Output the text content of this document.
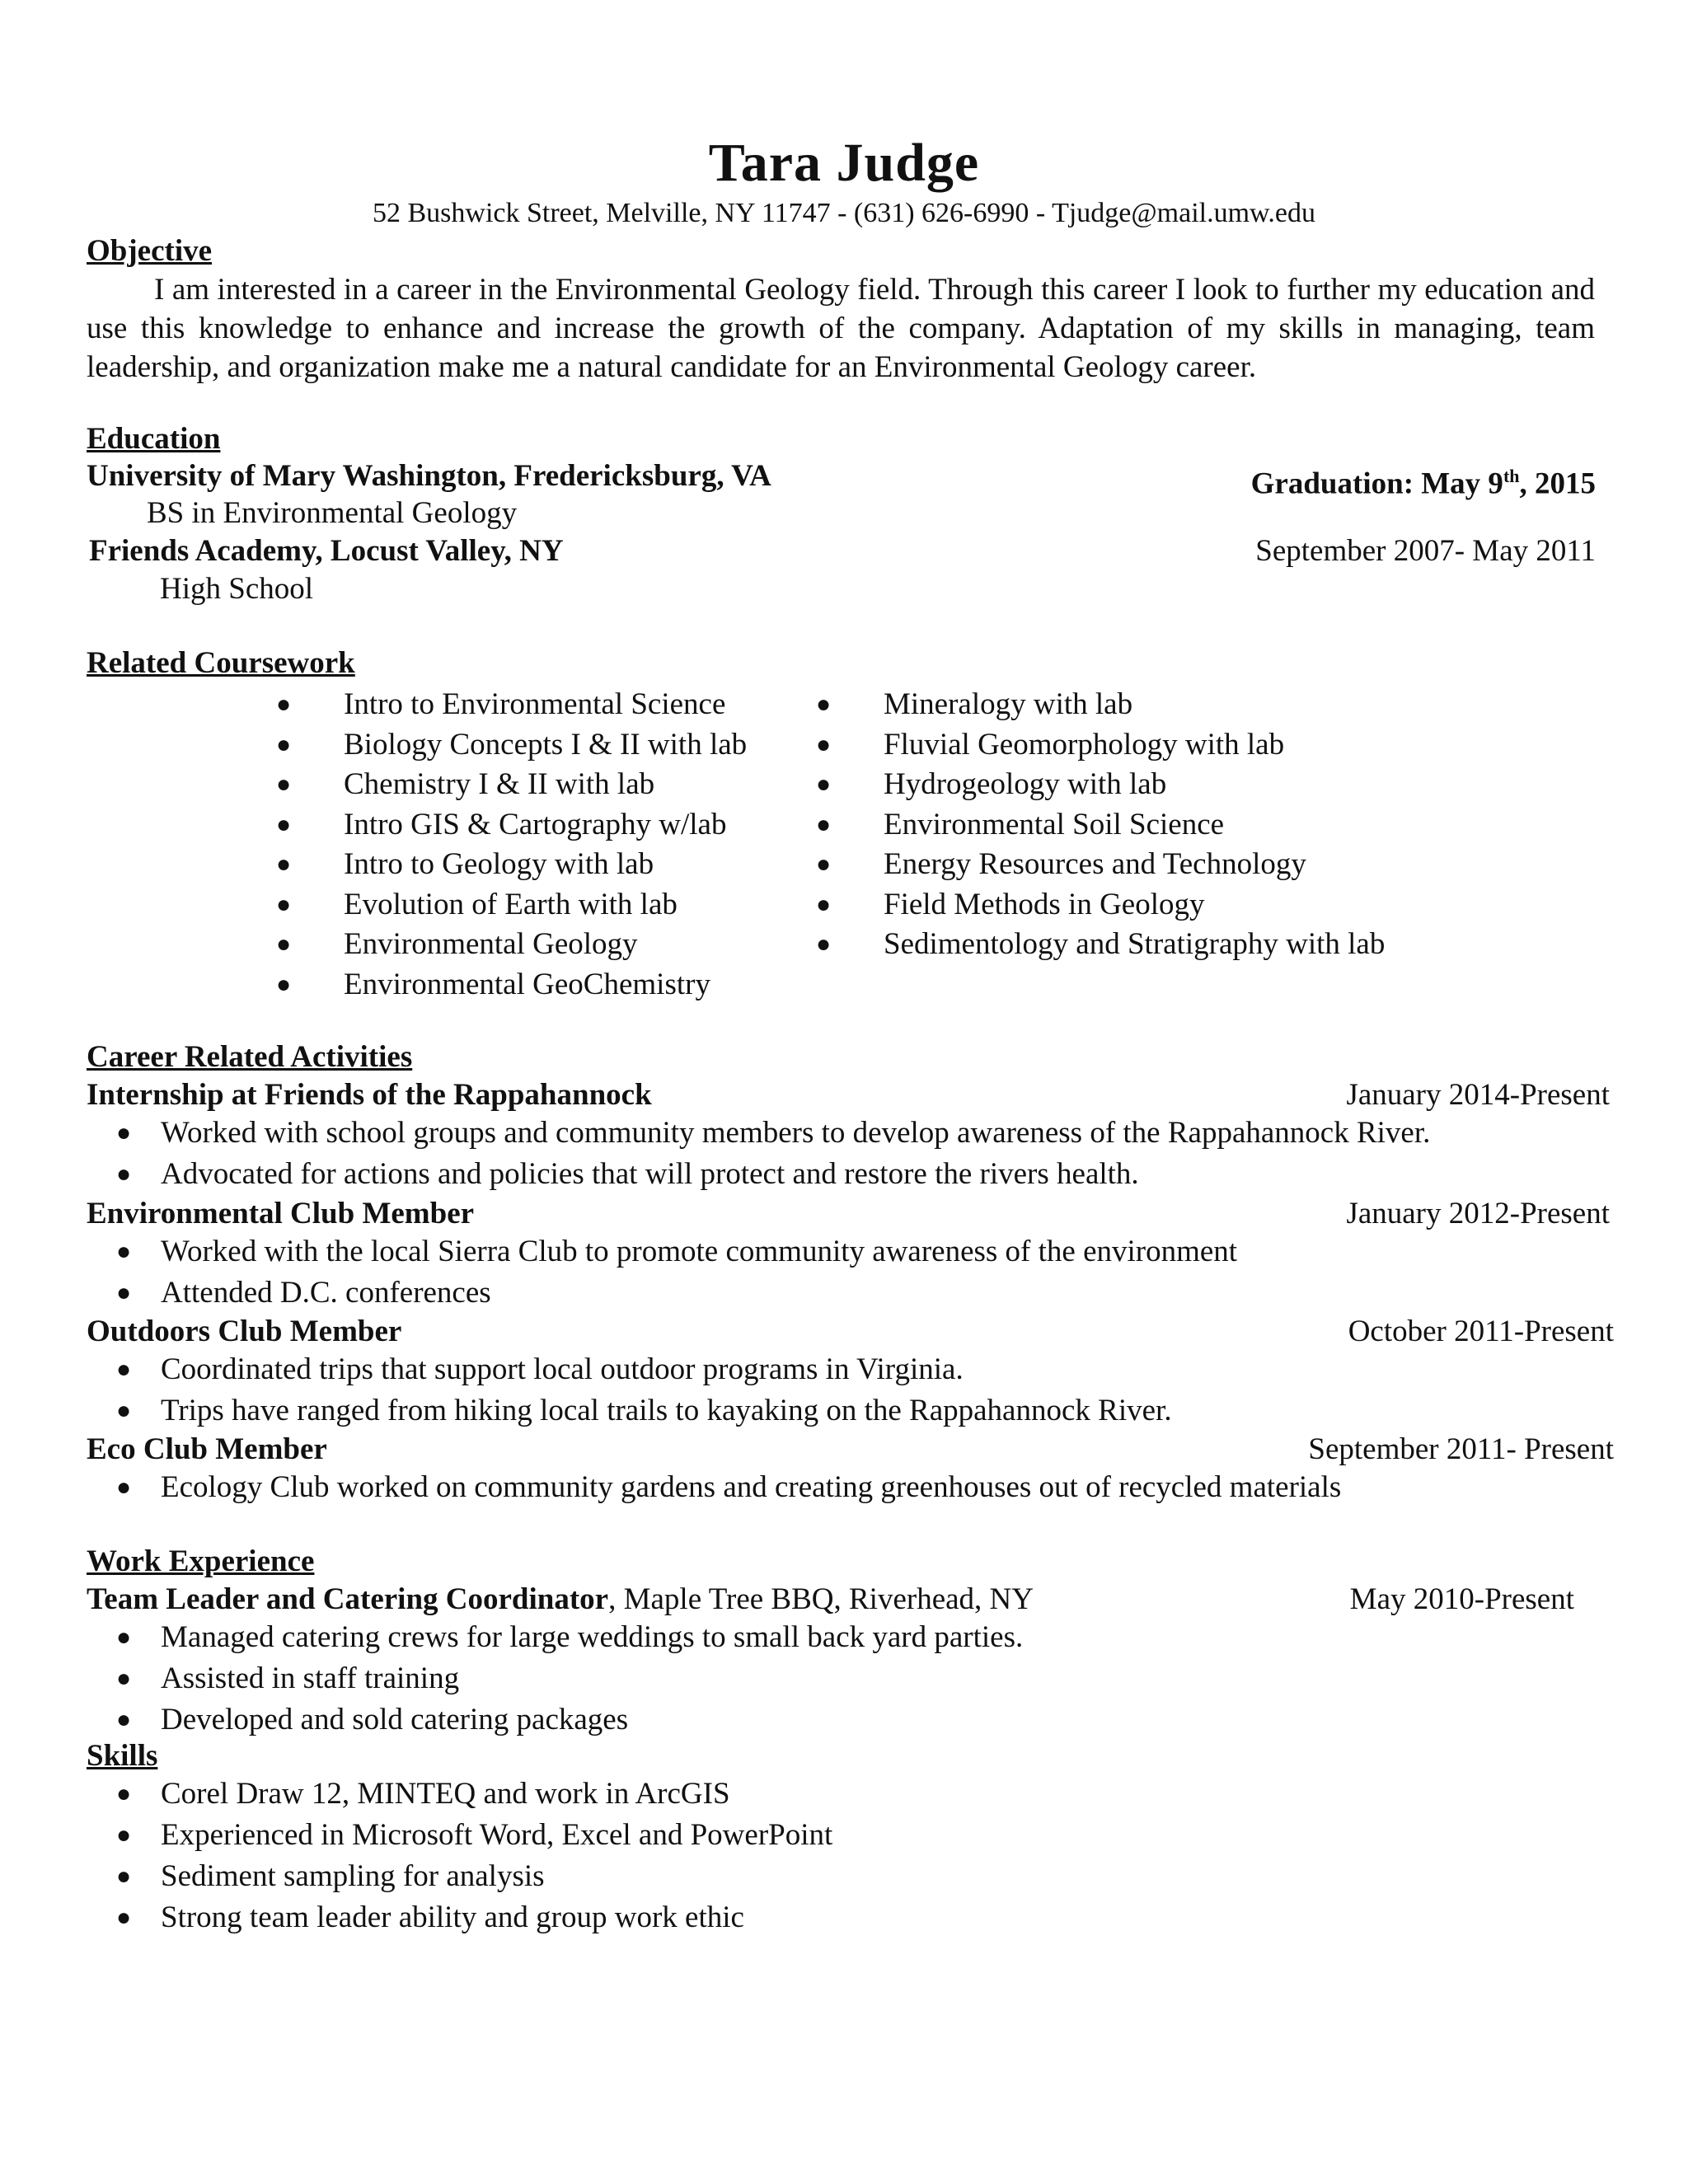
Tara Judge
52 Bushwick Street, Melville, NY 11747 - (631) 626-6990 - Tjudge@mail.umw.edu
Objective
I am interested in a career in the Environmental Geology field. Through this career I look to further my education and use this knowledge to enhance and increase the growth of the company. Adaptation of my skills in managing, team leadership, and organization make me a natural candidate for an Environmental Geology career.
Education
University of Mary Washington, Fredericksburg, VA	Graduation: May 9th, 2015
BS in Environmental Geology
Friends Academy, Locust Valley, NY	September 2007- May 2011
High School
Related Coursework
● Intro to Environmental Science
● Biology Concepts I & II with lab
● Chemistry I & II with lab
● Intro GIS & Cartography w/lab
● Intro to Geology with lab
● Evolution of Earth with lab
● Environmental Geology
● Environmental GeoChemistry
● Mineralogy with lab
● Fluvial Geomorphology with lab
● Hydrogeology with lab
● Environmental Soil Science
● Energy Resources and Technology
● Field Methods in Geology
● Sedimentology and Stratigraphy with lab
Career Related Activities
Internship at Friends of the Rappahannock	January 2014-Present
● Worked with school groups and community members to develop awareness of the Rappahannock River.
● Advocated for actions and policies that will protect and restore the rivers health.
Environmental Club Member	January 2012-Present
● Worked with the local Sierra Club to promote community awareness of the environment
● Attended D.C. conferences
Outdoors Club Member	October 2011-Present
● Coordinated trips that support local outdoor programs in Virginia.
● Trips have ranged from hiking local trails to kayaking on the Rappahannock River.
Eco Club Member	September 2011- Present
● Ecology Club worked on community gardens and creating greenhouses out of recycled materials
Work Experience
Team Leader and Catering Coordinator, Maple Tree BBQ, Riverhead, NY	May 2010-Present
● Managed catering crews for large weddings to small back yard parties.
● Assisted in staff training
● Developed and sold catering packages
Skills
● Corel Draw 12, MINTEQ and work in ArcGIS
● Experienced in Microsoft Word, Excel and PowerPoint
● Sediment sampling for analysis
● Strong team leader ability and group work ethic
